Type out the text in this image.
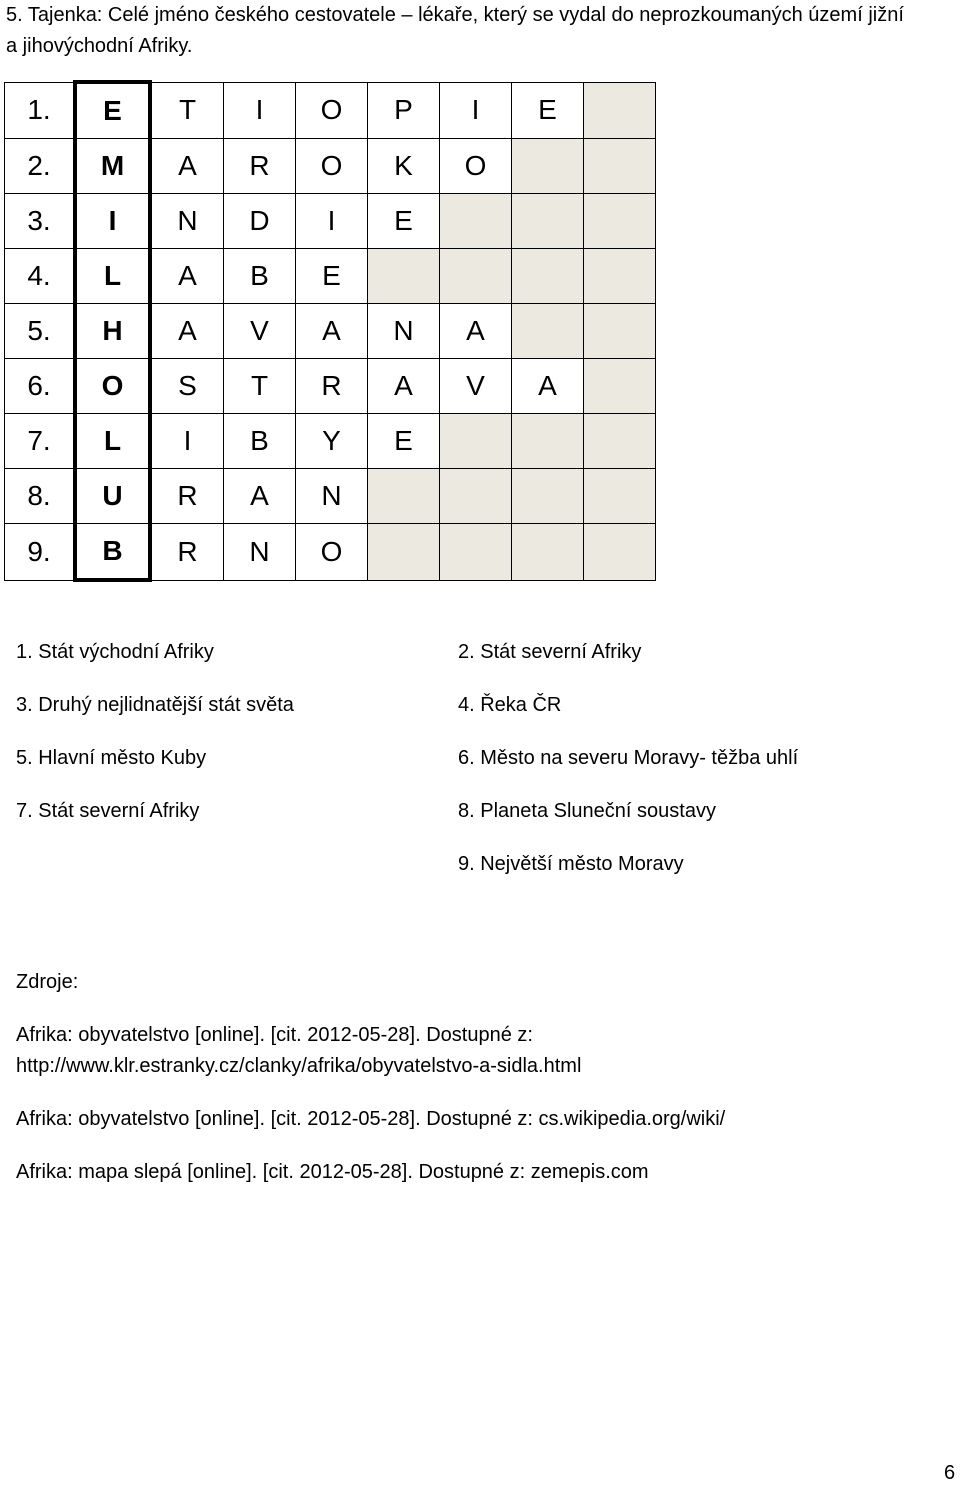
5. Tajenka: Celé jméno českého cestovatele – lékaře, který se vydal do neprozkoumaných území jižní
a jihovýchodní Afriky.
1.	E	T	I	O	P	I	E	
2.	M	A	R	O	K	O		
3.	I	N	D	I	E			
4.	L	A	B	E				
5.	H	A	V	A	N	A		
6.	O	S	T	R	A	V	A	
7.	L	I	B	Y	E			
8.	U	R	A	N				
9.	B	R	N	O				
1. Stát východní Afriky
3. Druhý nejlidnatější stát světa
5. Hlavní město Kuby
7. Stát severní Afriky
2. Stát severní Afriky
4. Řeka ČR
6. Město na severu Moravy- těžba uhlí
8. Planeta Sluneční soustavy
9. Největší město Moravy
Zdroje:
Afrika: obyvatelstvo [online]. [cit. 2012-05-28]. Dostupné z:
http://www.klr.estranky.cz/clanky/afrika/obyvatelstvo-a-sidla.html
Afrika: obyvatelstvo [online]. [cit. 2012-05-28]. Dostupné z: cs.wikipedia.org/wiki/
Afrika: mapa slepá [online]. [cit. 2012-05-28]. Dostupné z: zemepis.com
6
